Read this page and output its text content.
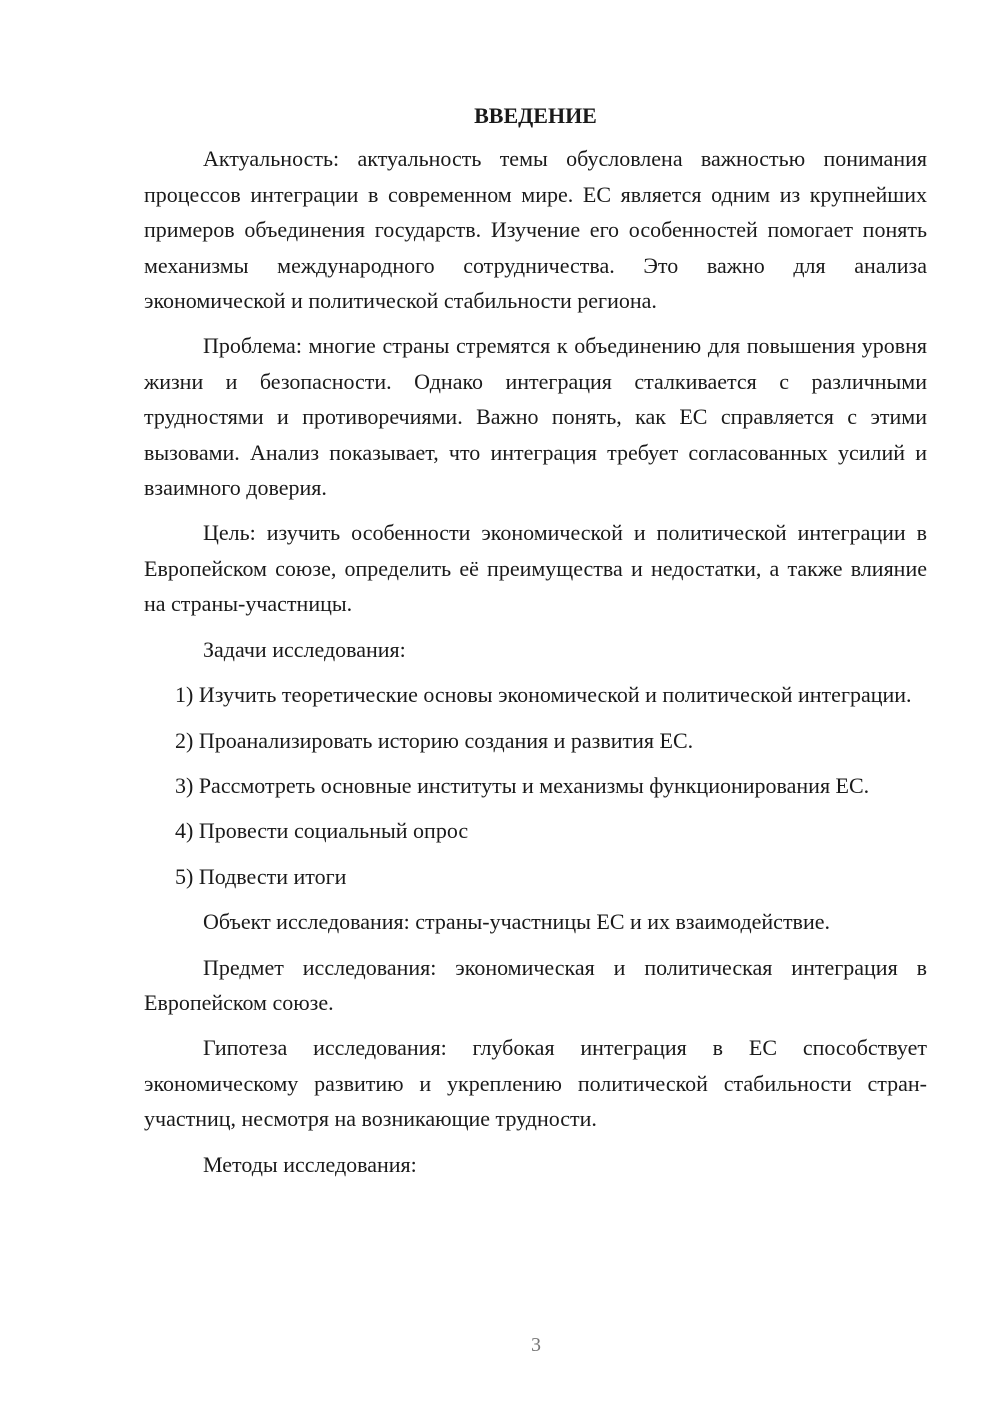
ВВЕДЕНИЕ

Актуальность: актуальность темы обусловлена важностью понимания процессов интеграции в современном мире. ЕС является одним из крупнейших примеров объединения государств. Изучение его особенностей помогает понять механизмы международного сотрудничества. Это важно для анализа экономической и политической стабильности региона.

Проблема: многие страны стремятся к объединению для повышения уровня жизни и безопасности. Однако интеграция сталкивается с различными трудностями и противоречиями. Важно понять, как ЕС справляется с этими вызовами. Анализ показывает, что интеграция требует согласованных усилий и взаимного доверия.

Цель: изучить особенности экономической и политической интеграции в Европейском союзе, определить её преимущества и недостатки, а также влияние на страны-участницы.

Задачи исследования:

1) Изучить теоретические основы экономической и политической интеграции.

2) Проанализировать историю создания и развития ЕС.

3) Рассмотреть основные институты и механизмы функционирования ЕС.

4) Провести социальный опрос

5) Подвести итоги

Объект исследования: страны-участницы ЕС и их взаимодействие.

Предмет исследования: экономическая и политическая интеграция в Европейском союзе.

Гипотеза исследования: глубокая интеграция в ЕС способствует экономическому развитию и укреплению политической стабильности стран-участниц, несмотря на возникающие трудности.

Методы исследования:

3
